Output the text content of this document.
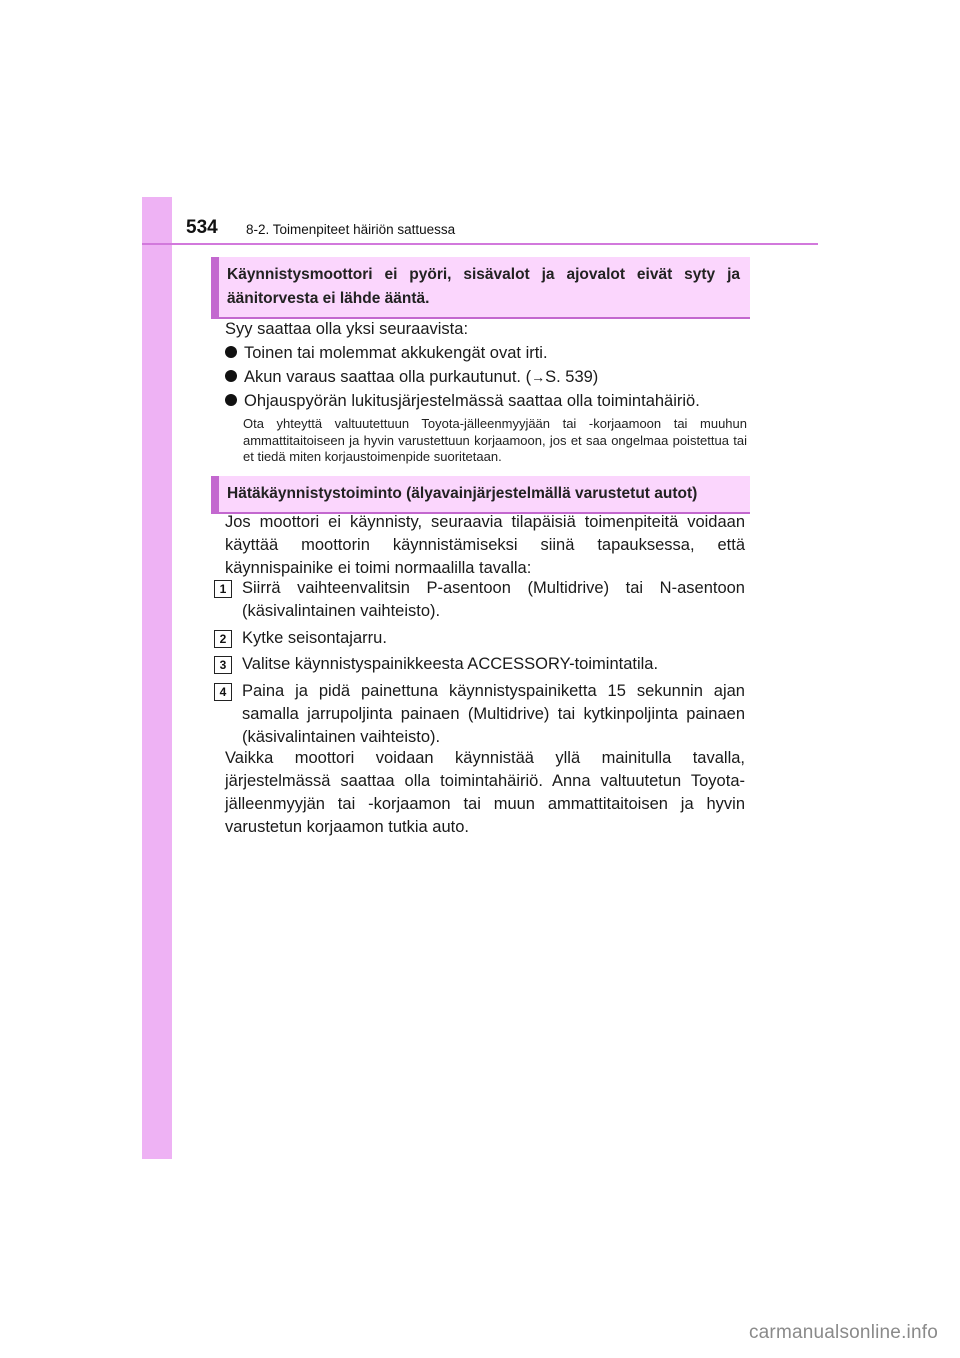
534 8-2. Toimenpiteet häiriön sattuessa
Käynnistysmoottori ei pyöri, sisävalot ja ajovalot eivät syty ja äänitorvesta ei lähde ääntä.
Syy saattaa olla yksi seuraavista:
Toinen tai molemmat akkukengät ovat irti.
Akun varaus saattaa olla purkautunut. (→S. 539)
Ohjauspyörän lukitusjärjestelmässä saattaa olla toimintahäiriö.
Ota yhteyttä valtuutettuun Toyota-jälleenmyyjään tai -korjaamoon tai muuhun ammattitaitoiseen ja hyvin varustettuun korjaamoon, jos et saa ongelmaa poistettua tai et tiedä miten korjaustoimenpide suoritetaan.
Hätäkäynnistystoiminto (älyavainjärjestelmällä varustetut autot)
Jos moottori ei käynnisty, seuraavia tilapäisiä toimenpiteitä voidaan käyttää moottorin käynnistämiseksi siinä tapauksessa, että käynnispainike ei toimi normaalilla tavalla:
1 Siirrä vaihteenvalitsin P-asentoon (Multidrive) tai N-asentoon (käsivalintainen vaihteisto).
2 Kytke seisontajarru.
3 Valitse käynnistyspainikkeesta ACCESSORY-toimintatila.
4 Paina ja pidä painettuna käynnistyspainiketta 15 sekunnin ajan samalla jarrupoljinta painaen (Multidrive) tai kytkinpoljinta painaen (käsivalintainen vaihteisto).
Vaikka moottori voidaan käynnistää yllä mainitulla tavalla, järjestelmässä saattaa olla toimintahäiriö. Anna valtuutetun Toyota-jälleenmyyjän tai -korjaamon tai muun ammattitaitoisen ja hyvin varustetun korjaamon tutkia auto.
carmanualsonline.info
